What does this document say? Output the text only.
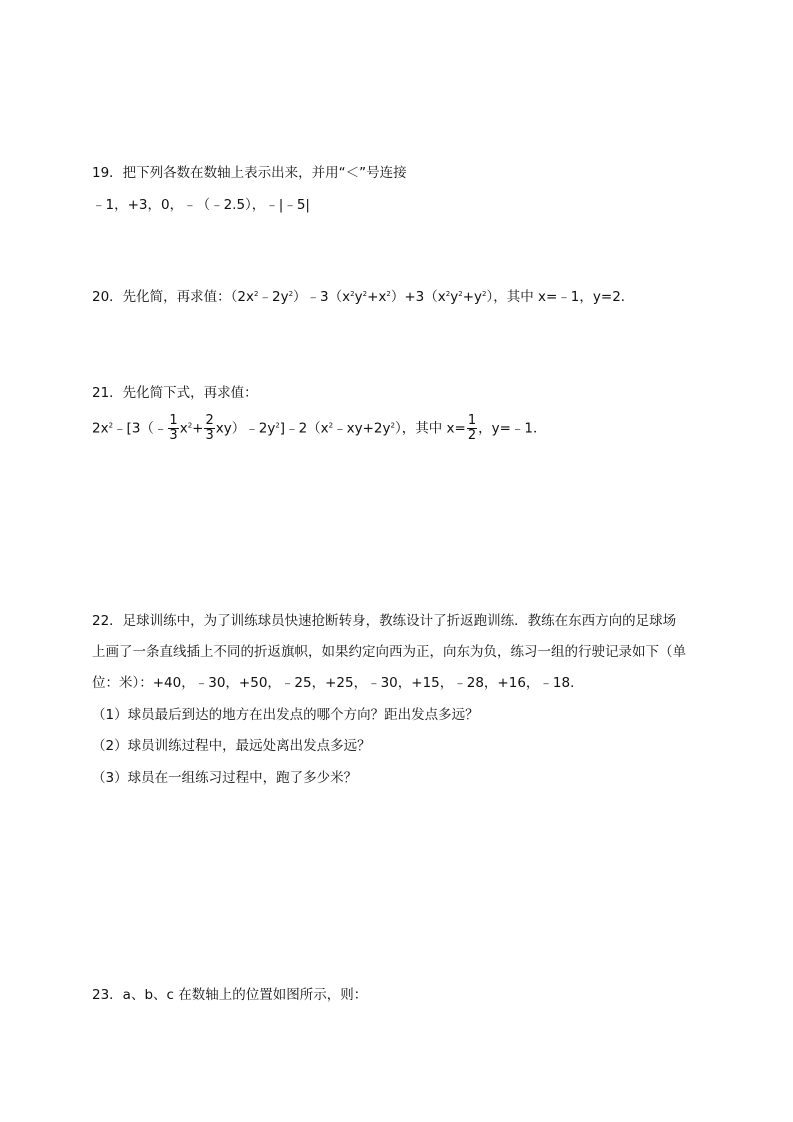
19．把下列各数在数轴上表示出来，并用“＜”号连接
﹣1，+3，0，﹣（﹣2.5），﹣|﹣5|
20．先化简，再求值：$(2x^2﹣2y^2)﹣3(x^2y^2+x^2)+3(x^2y^2+y^2)$，其中 x=﹣1，y=2．
21．先化简下式，再求值：
$2x^2﹣[3(﹣ \frac{1}{3} x^2+ \frac{2}{3}$ $xy)﹣2y^2]﹣2(x^2﹣xy+2y^2)$，其中 $x= \frac{1}{2}$ ，y=﹣1．
22．足球训练中，为了训练球员快速抢断转身，教练设计了折返跑训练．教练在东西方向的足球场
上画了一条直线插上不同的折返旗帜，如果约定向西为正，向东为负，练习一组的行驶记录如下（单
位：米）：+40，﹣30，+50，﹣25，+25，﹣30，+15，﹣28，+16，﹣18．
（1）球员最后到达的地方在出发点的哪个方向？距出发点多远？
（2）球员训练过程中，最远处离出发点多远？
（3）球员在一组练习过程中，跑了多少米？
23．a、b、c 在数轴上的位置如图所示，则：
